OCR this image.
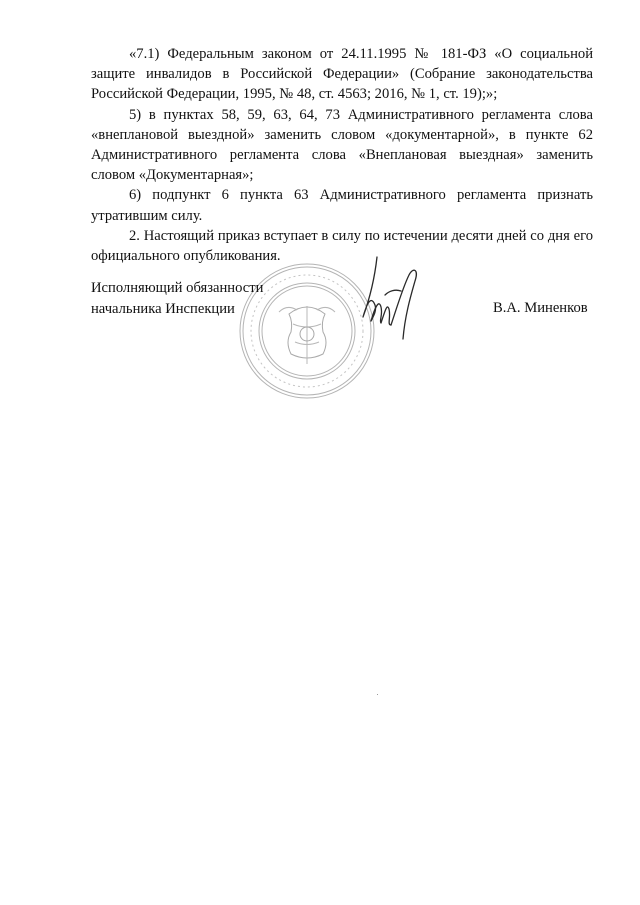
«7.1) Федеральным законом от 24.11.1995 № 181-ФЗ «О социальной защите инвалидов в Российской Федерации» (Собрание законодательства Российской Федерации, 1995, № 48, ст. 4563; 2016, № 1, ст. 19);»;

5) в пунктах 58, 59, 63, 64, 73 Административного регламента слова «внеплановой выездной» заменить словом «документарной», в пункте 62 Административного регламента слова «Внеплановая выездная» заменить словом «Документарная»;

6) подпункт 6 пункта 63 Административного регламента признать утратившим силу.

2. Настоящий приказ вступает в силу по истечении десяти дней со дня его официального опубликования.

Исполняющий обязанности
начальника Инспекции	В.А. Миненков
